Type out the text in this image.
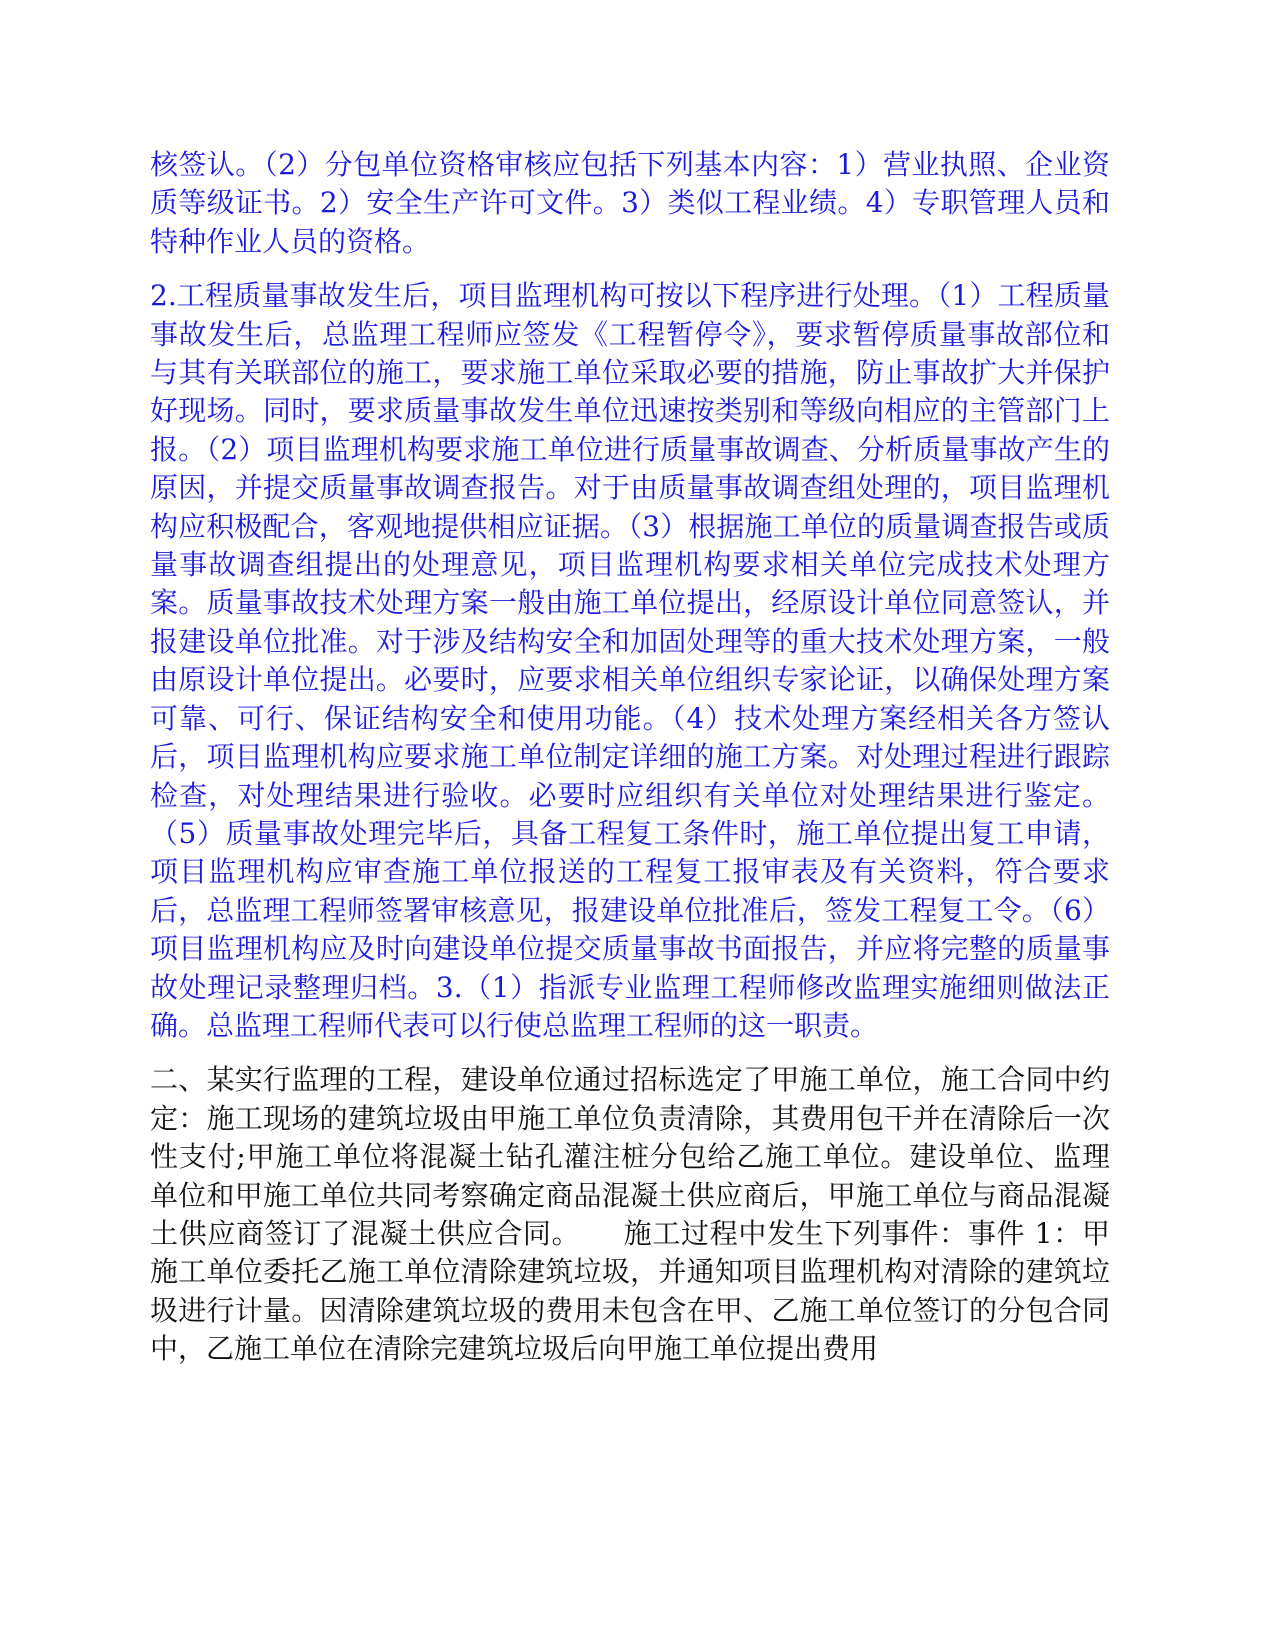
核签认。（2）分包单位资格审核应包括下列基本内容：1）营业执照、企业资质等级证书。2）安全生产许可文件。3）类似工程业绩。4）专职管理人员和特种作业人员的资格。

2.工程质量事故发生后，项目监理机构可按以下程序进行处理。（1）工程质量事故发生后，总监理工程师应签发《工程暂停令》，要求暂停质量事故部位和与其有关联部位的施工，要求施工单位采取必要的措施，防止事故扩大并保护好现场。同时，要求质量事故发生单位迅速按类别和等级向相应的主管部门上报。（2）项目监理机构要求施工单位进行质量事故调查、分析质量事故产生的原因，并提交质量事故调查报告。对于由质量事故调查组处理的，项目监理机构应积极配合，客观地提供相应证据。（3）根据施工单位的质量调查报告或质量事故调查组提出的处理意见，项目监理机构要求相关单位完成技术处理方案。质量事故技术处理方案一般由施工单位提出，经原设计单位同意签认，并报建设单位批准。对于涉及结构安全和加固处理等的重大技术处理方案，一般由原设计单位提出。必要时，应要求相关单位组织专家论证，以确保处理方案可靠、可行、保证结构安全和使用功能。（4）技术处理方案经相关各方签认后，项目监理机构应要求施工单位制定详细的施工方案。对处理过程进行跟踪检查，对处理结果进行验收。必要时应组织有关单位对处理结果进行鉴定。（5）质量事故处理完毕后，具备工程复工条件时，施工单位提出复工申请，项目监理机构应审查施工单位报送的工程复工报审表及有关资料，符合要求后，总监理工程师签署审核意见，报建设单位批准后，签发工程复工令。（6）项目监理机构应及时向建设单位提交质量事故书面报告，并应将完整的质量事故处理记录整理归档。3.（1）指派专业监理工程师修改监理实施细则做法正确。总监理工程师代表可以行使总监理工程师的这一职责。

二、某实行监理的工程，建设单位通过招标选定了甲施工单位，施工合同中约定：施工现场的建筑垃圾由甲施工单位负责清除，其费用包干并在清除后一次性支付;甲施工单位将混凝土钻孔灌注桩分包给乙施工单位。建设单位、监理单位和甲施工单位共同考察确定商品混凝土供应商后，甲施工单位与商品混凝土供应商签订了混凝土供应合同。　　施工过程中发生下列事件：事件 1：甲施工单位委托乙施工单位清除建筑垃圾，并通知项目监理机构对清除的建筑垃圾进行计量。因清除建筑垃圾的费用未包含在甲、乙施工单位签订的分包合同中，乙施工单位在清除完建筑垃圾后向甲施工单位提出费用
